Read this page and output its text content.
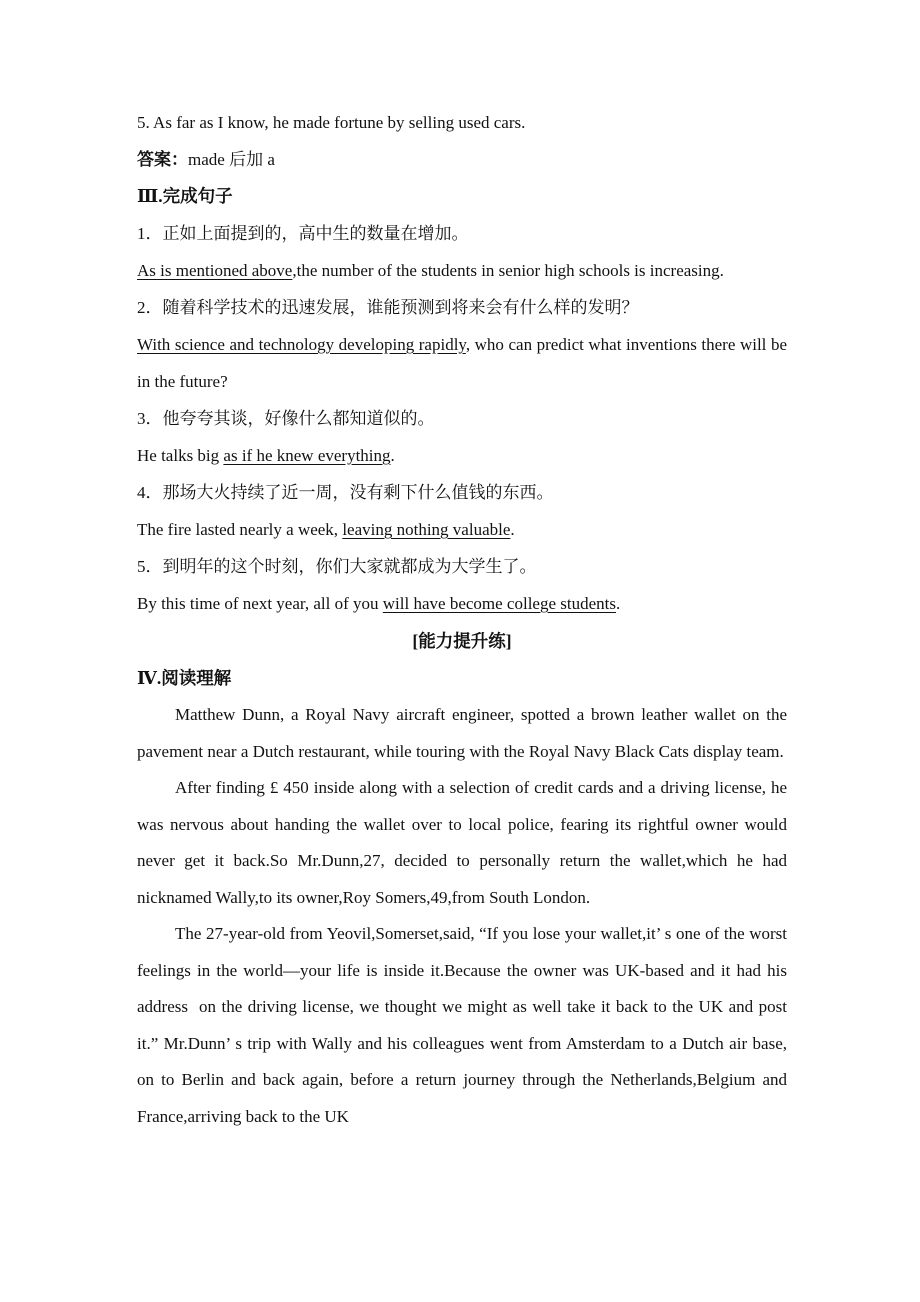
5. As far as I know, he made fortune by selling used cars.

答案：made 后加 a

Ⅲ.完成句子

1．正如上面提到的，高中生的数量在增加。

As is mentioned above,the number of the students in senior high schools is increasing.

2．随着科学技术的迅速发展，谁能预测到将来会有什么样的发明？

With science and technology developing rapidly, who can predict what inventions there will be in the future?

3．他夸夸其谈，好像什么都知道似的。

He talks big as if he knew everything.

4．那场大火持续了近一周，没有剩下什么值钱的东西。

The fire lasted nearly a week, leaving nothing valuable.

5．到明年的这个时刻，你们大家就都成为大学生了。

By this time of next year, all of you will have become college students.

[能力提升练]

Ⅳ.阅读理解

Matthew Dunn, a Royal Navy aircraft engineer, spotted a brown leather wallet on the pavement near a Dutch restaurant, while touring with the Royal Navy Black Cats display team.

After finding £ 450 inside along with a selection of credit cards and a driving license, he was nervous about handing the wallet over to local police, fearing its rightful owner would never get it back.So Mr.Dunn,27, decided to personally return the wallet,which he had nicknamed Wally,to its owner,Roy Somers,49,from South London.

The 27-year-old from Yeovil,Somerset,said, “If you lose your wallet,it’ s one of the worst feelings in the world—your life is inside it.Because the owner was UK-based and it had his address  on the driving license, we thought we might as well take it back to the UK and post it.” Mr.Dunn’ s trip with Wally and his colleagues went from Amsterdam to a Dutch air base, on to Berlin and back again, before a return journey through the Netherlands,Belgium and France,arriving back to the UK
